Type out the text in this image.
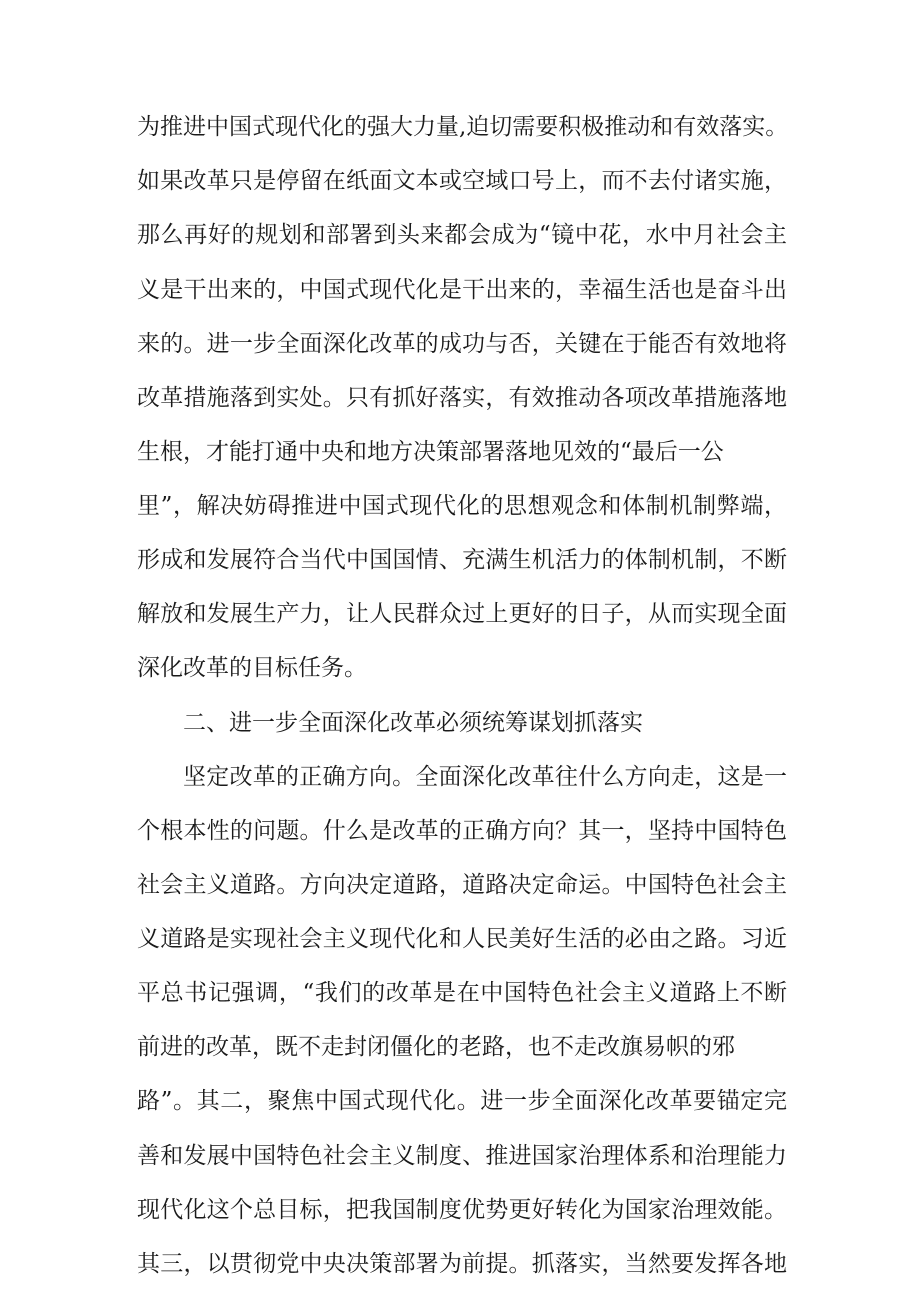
为推进中国式现代化的强大力量,迫切需要积极推动和有效落实。
如果改革只是停留在纸面文本或空域口号上，而不去付诸实施，
那么再好的规划和部署到头来都会成为“镜中花，水中月社会主
义是干出来的，中国式现代化是干出来的，幸福生活也是奋斗出
来的。进一步全面深化改革的成功与否，关键在于能否有效地将
改革措施落到实处。只有抓好落实，有效推动各项改革措施落地
生根，才能打通中央和地方决策部署落地见效的“最后一公
里”，解决妨碍推进中国式现代化的思想观念和体制机制弊端，
形成和发展符合当代中国国情、充满生机活力的体制机制，不断
解放和发展生产力，让人民群众过上更好的日子，从而实现全面
深化改革的目标任务。
二、进一步全面深化改革必须统筹谋划抓落实
坚定改革的正确方向。全面深化改革往什么方向走，这是一
个根本性的问题。什么是改革的正确方向？其一，坚持中国特色
社会主义道路。方向决定道路，道路决定命运。中国特色社会主
义道路是实现社会主义现代化和人民美好生活的必由之路。习近
平总书记强调，“我们的改革是在中国特色社会主义道路上不断
前进的改革，既不走封闭僵化的老路，也不走改旗易帜的邪
路”。其二，聚焦中国式现代化。进一步全面深化改革要锚定完
善和发展中国特色社会主义制度、推进国家治理体系和治理能力
现代化这个总目标，把我国制度优势更好转化为国家治理效能。
其三，以贯彻党中央决策部署为前提。抓落实，当然要发挥各地
